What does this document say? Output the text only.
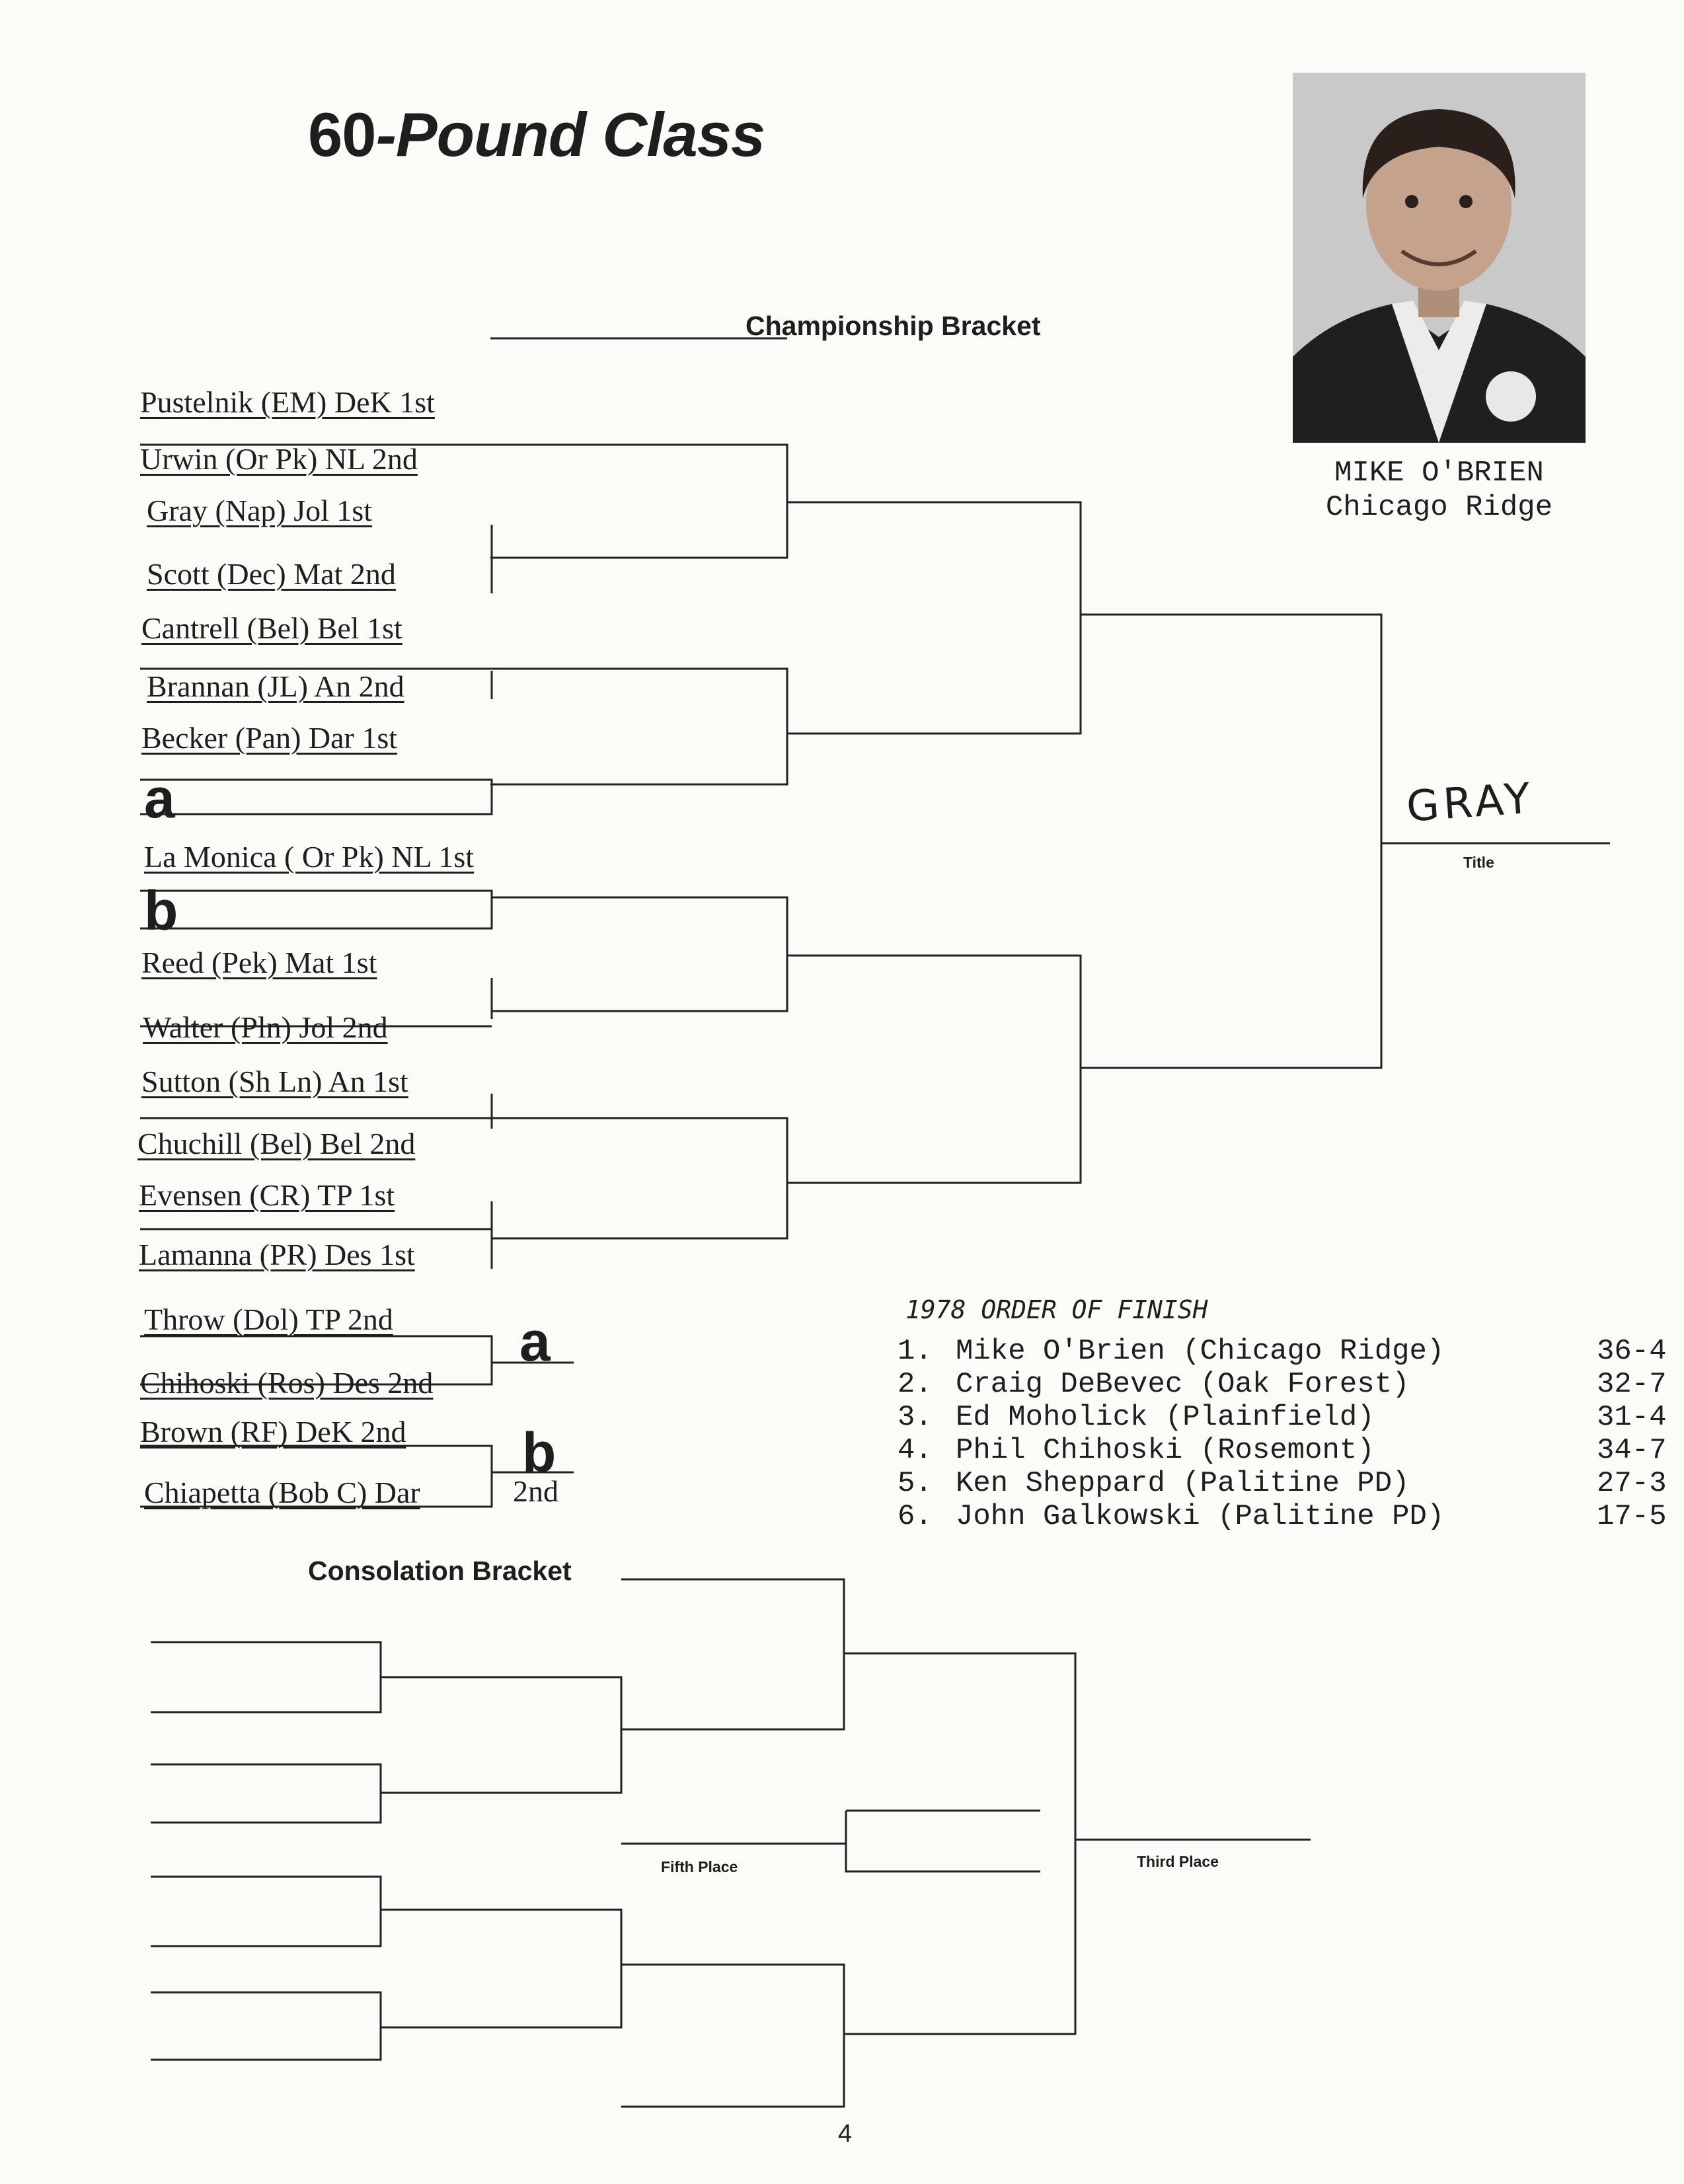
60-Pound Class
Championship Bracket
Pustelnik (EM) DeK 1st
Urwin (Or Pk) NL 2nd
Gray (Nap) Jol 1st
Scott (Dec) Mat 2nd
Cantrell (Bel) Bel 1st
Brannan (JL) An 2nd
Becker (Pan) Dar 1st
a
La Monica ( Or Pk) NL 1st
b
Reed (Pek) Mat 1st
Walter (Pln) Jol 2nd
Sutton (Sh Ln) An 1st
Chuchill (Bel) Bel 2nd
Evensen (CR) TP 1st
Lamanna (PR) Des 1st
GRAY
Title
Throw (Dol) TP 2nd
Chihoski (Ros) Des 2nd
a
Brown (RF) DeK 2nd
Chiapetta (Bob C) Dar	2nd
b
MIKE O'BRIEN
Chicago Ridge
1978 ORDER OF FINISH
1. Mike O'Brien (Chicago Ridge)	36-4
2. Craig DeBevec (Oak Forest)	32-7
3. Ed Moholick (Plainfield)	31-4
4. Phil Chihoski (Rosemont)	34-7
5. Ken Sheppard (Palitine PD)	27-3
6. John Galkowski (Palitine PD)	17-5
Consolation Bracket
Fifth Place	Third Place
4
